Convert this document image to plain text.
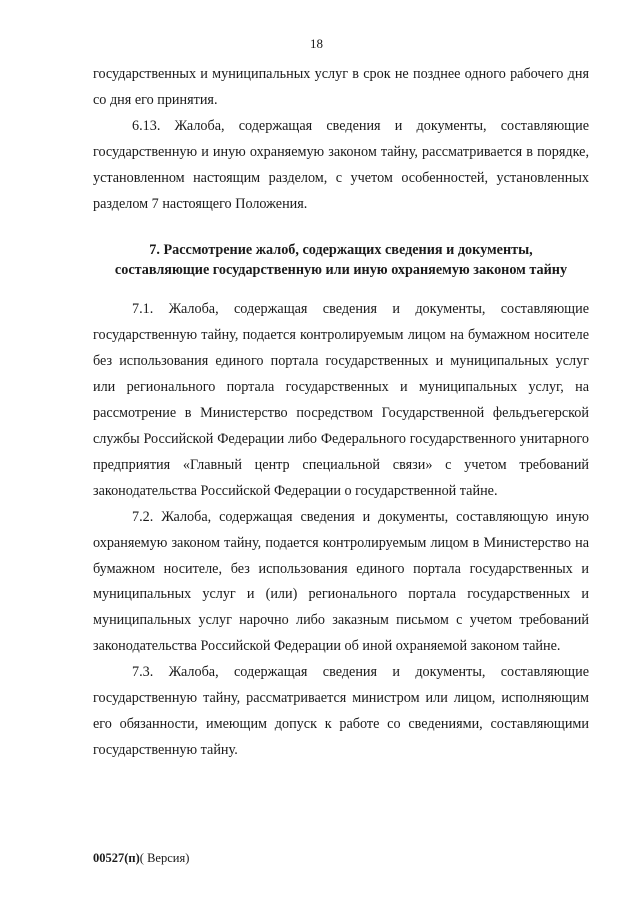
18

государственных и муниципальных услуг в срок не позднее одного рабочего дня со дня его принятия.

6.13. Жалоба, содержащая сведения и документы, составляющие государственную и иную охраняемую законом тайну, рассматривается в порядке, установленном настоящим разделом, с учетом особенностей, установленных разделом 7 настоящего Положения.

7. Рассмотрение жалоб, содержащих сведения и документы,
составляющие государственную или иную охраняемую законом тайну

7.1. Жалоба, содержащая сведения и документы, составляющие государственную тайну, подается контролируемым лицом на бумажном носителе без использования единого портала государственных и муниципальных услуг или регионального портала государственных и муниципальных услуг, на рассмотрение в Министерство посредством Государственной фельдъегерской службы Российской Федерации либо Федерального государственного унитарного предприятия «Главный центр специальной связи» с учетом требований законодательства Российской Федерации о государственной тайне.

7.2. Жалоба, содержащая сведения и документы, составляющую иную охраняемую законом тайну, подается контролируемым лицом в Министерство на бумажном носителе, без использования единого портала государственных и муниципальных услуг и (или) регионального портала государственных и муниципальных услуг нарочно либо заказным письмом с учетом требований законодательства Российской Федерации об иной охраняемой законом тайне.

7.3. Жалоба, содержащая сведения и документы, составляющие государственную тайну, рассматривается министром или лицом, исполняющим его обязанности, имеющим допуск к работе со сведениями, составляющими государственную тайну.

00527(п)( Версия)
